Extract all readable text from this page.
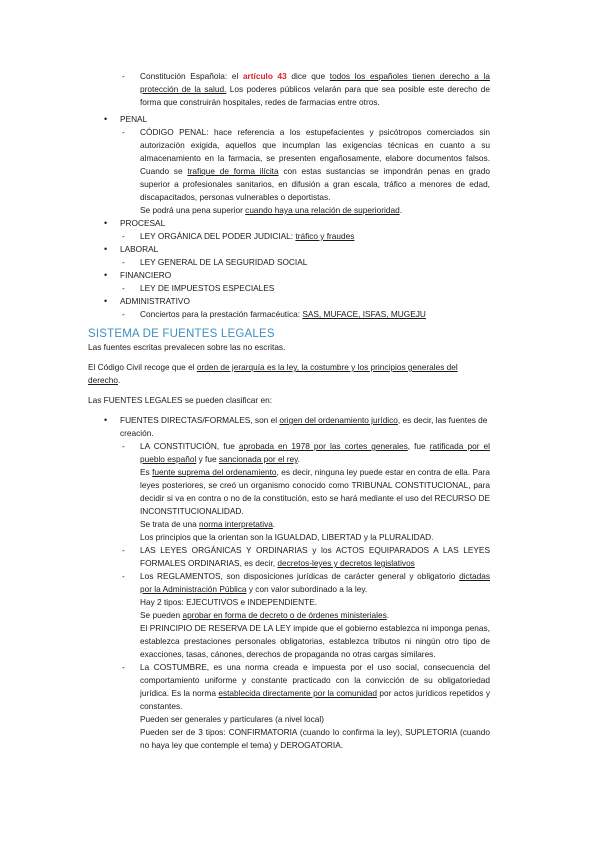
- Constitución Española: el artículo 43 dice que todos los españoles tienen derecho a la protección de la salud. Los poderes públicos velarán para que sea posible este derecho de forma que construirán hospitales, redes de farmacias entre otros.

• PENAL

- CÓDIGO PENAL: hace referencia a los estupefacientes y psicótropos comerciados sin autorización exigida, aquellos que incumplan las exigencias técnicas en cuanto a su almacenamiento en la farmacia, se presenten engañosamente, elabore documentos falsos. Cuando se trafique de forma ilícita con estas sustancias se impondrán penas en grado superior a profesionales sanitarios, en difusión a gran escala, tráfico a menores de edad, discapacitados, personas vulnerables o deportistas.

Se podrá una pena superior cuando haya una relación de superioridad.

• PROCESAL

- LEY ORGÁNICA DEL PODER JUDICIAL: tráfico y fraudes

• LABORAL

- LEY GENERAL DE LA SEGURIDAD SOCIAL

• FINANCIERO

- LEY DE IMPUESTOS ESPECIALES

• ADMINISTRATIVO

- Conciertos para la prestación farmacéutica: SAS, MUFACE, ISFAS, MUGEJU

SISTEMA DE FUENTES LEGALES

Las fuentes escritas prevalecen sobre las no escritas.

El Código Civil recoge que el orden de jerarquía es la ley, la costumbre y los principios generales del derecho.

Las FUENTES LEGALES se pueden clasificar en:

• FUENTES DIRECTAS/FORMALES, son el origen del ordenamiento jurídico, es decir, las fuentes de creación.

- LA CONSTITUCIÓN, fue aprobada en 1978 por las cortes generales, fue ratificada por el pueblo español y fue sancionada por el rey.

Es fuente suprema del ordenamiento, es decir, ninguna ley puede estar en contra de ella. Para leyes posteriores, se creó un organismo conocido como TRIBUNAL CONSTITUCIONAL, para decidir si va en contra o no de la constitución, esto se hará mediante el uso del RECURSO DE INCONSTITUCIONALIDAD.

Se trata de una norma interpretativa.

Los principios que la orientan son la IGUALDAD, LIBERTAD y la PLURALIDAD.

- LAS LEYES ORGÁNICAS Y ORDINARIAS y los ACTOS EQUIPARADOS A LAS LEYES FORMALES ORDINARIAS, es decir, decretos-leyes y decretos legislativos

- Los REGLAMENTOS, son disposiciones jurídicas de carácter general y obligatorio dictadas por la Administración Pública y con valor subordinado a la ley.

Hay 2 tipos: EJECUTIVOS e INDEPENDIENTE.

Se pueden aprobar en forma de decreto o de órdenes ministeriales.

El PRINCIPIO DE RESERVA DE LA LEY impide que el gobierno establezca ni imponga penas, establezca prestaciones personales obligatorias, establezca tributos ni ningún otro tipo de exacciones, tasas, cánones, derechos de propaganda no otras cargas similares.

- La COSTUMBRE, es una norma creada e impuesta por el uso social, consecuencia del comportamiento uniforme y constante practicado con la convicción de su obligatoriedad jurídica. Es la norma establecida directamente por la comunidad por actos jurídicos repetidos y constantes.

Pueden ser generales y particulares (a nivel local)

Pueden ser de 3 tipos: CONFIRMATORIA (cuando lo confirma la ley), SUPLETORIA (cuando no haya ley que contemple el tema) y DEROGATORIA.
